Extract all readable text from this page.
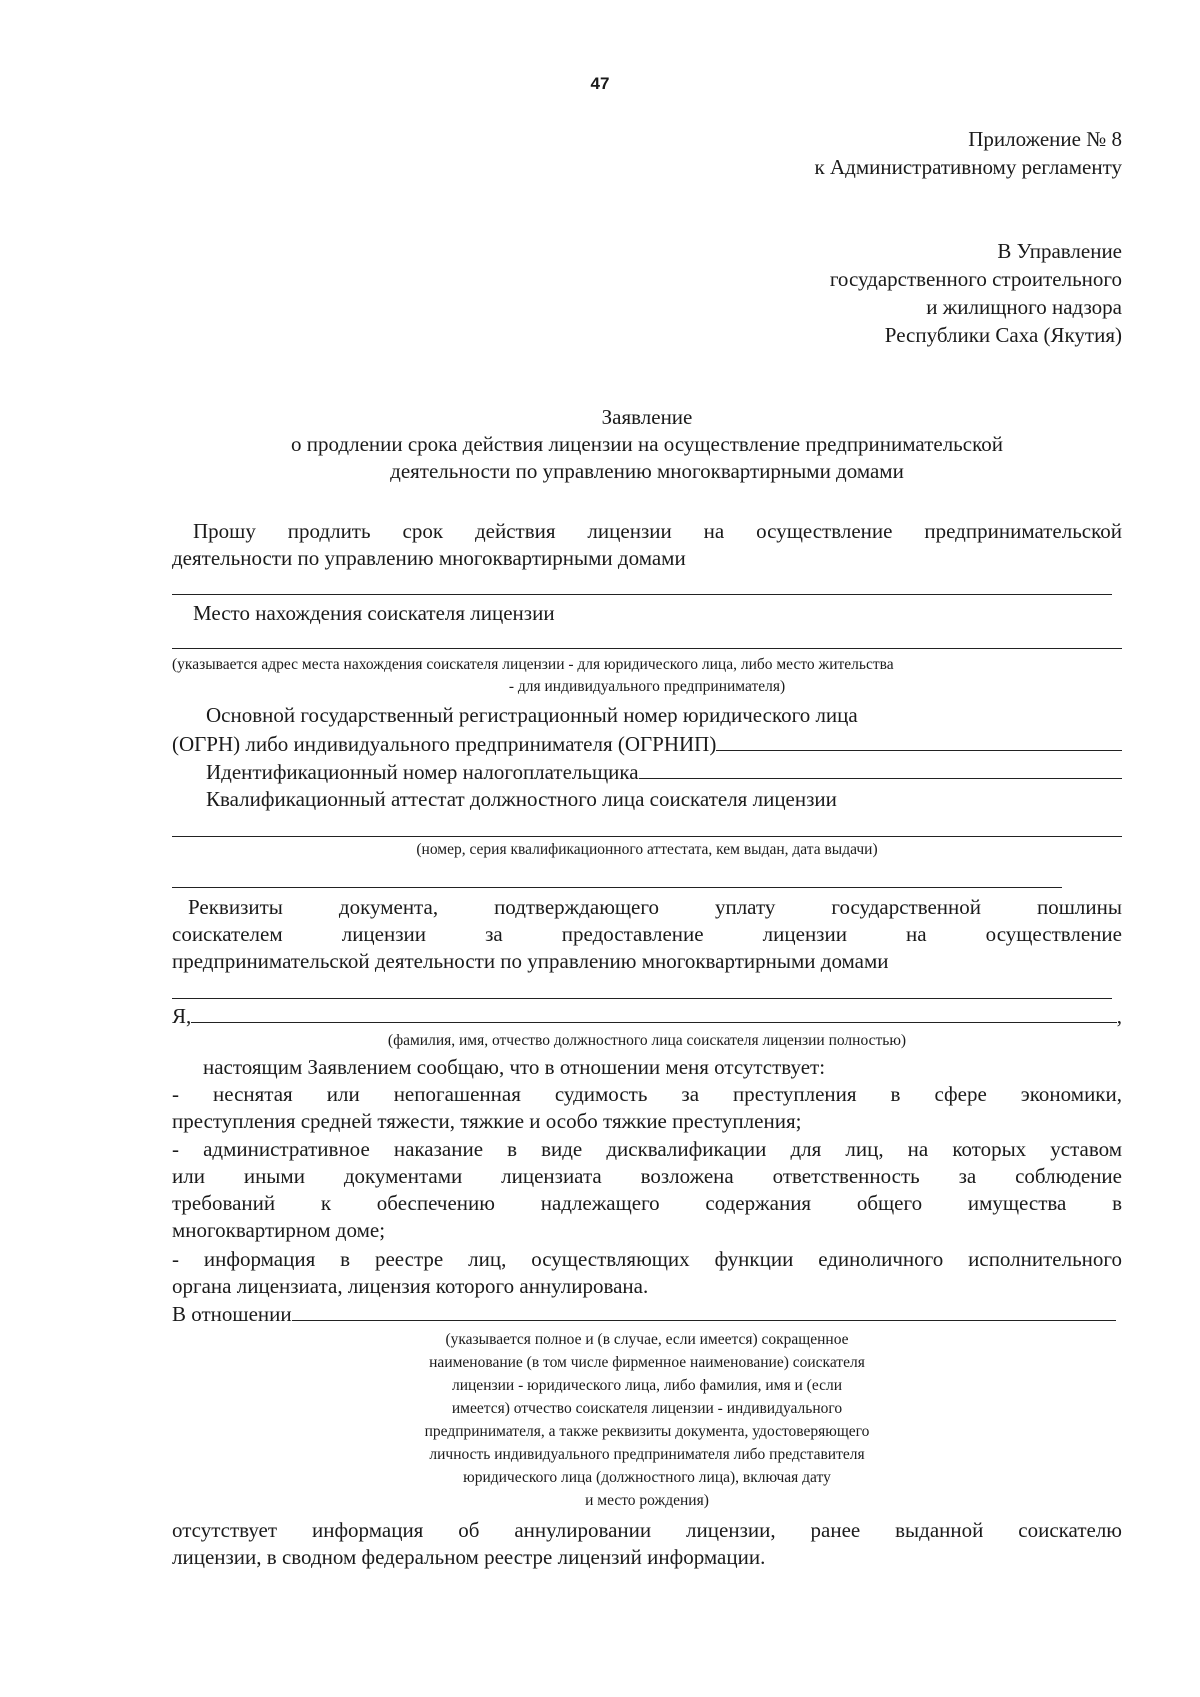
47
Приложение № 8
к Административному регламенту
В Управление
государственного строительного
и жилищного надзора
Республики Саха (Якутия)
Заявление
о продлении срока действия лицензии на осуществление предпринимательской
деятельности по управлению многоквартирными домами
Прошу продлить срок действия лицензии на осуществление предпринимательской
деятельности по управлению многоквартирными домами
Место нахождения соискателя лицензии
(указывается адрес места нахождения соискателя лицензии - для юридического лица, либо место жительства
- для индивидуального предпринимателя)
Основной государственный регистрационный номер юридического лица
(ОГРН) либо индивидуального предпринимателя (ОГРНИП)
Идентификационный номер налогоплательщика
Квалификационный аттестат должностного лица соискателя лицензии
(номер, серия квалификационного аттестата, кем выдан, дата выдачи)
Реквизиты документа, подтверждающего уплату государственной пошлины
соискателем лицензии за предоставление лицензии на осуществление
предпринимательской деятельности по управлению многоквартирными домами
Я,	,
(фамилия, имя, отчество должностного лица соискателя лицензии полностью)
настоящим Заявлением сообщаю, что в отношении меня отсутствует:
- неснятая или непогашенная судимость за преступления в сфере экономики,
преступления средней тяжести, тяжкие и особо тяжкие преступления;
- административное наказание в виде дисквалификации для лиц, на которых уставом
или иными документами лицензиата возложена ответственность за соблюдение
требований к обеспечению надлежащего содержания общего имущества в
многоквартирном доме;
- информация в реестре лиц, осуществляющих функции единоличного исполнительного
органа лицензиата, лицензия которого аннулирована.
В отношении
(указывается полное и (в случае, если имеется) сокращенное
наименование (в том числе фирменное наименование) соискателя
лицензии - юридического лица, либо фамилия, имя и (если
имеется) отчество соискателя лицензии - индивидуального
предпринимателя, а также реквизиты документа, удостоверяющего
личность индивидуального предпринимателя либо представителя
юридического лица (должностного лица), включая дату
и место рождения)
отсутствует информация об аннулировании лицензии, ранее выданной соискателю
лицензии, в сводном федеральном реестре лицензий информации.
